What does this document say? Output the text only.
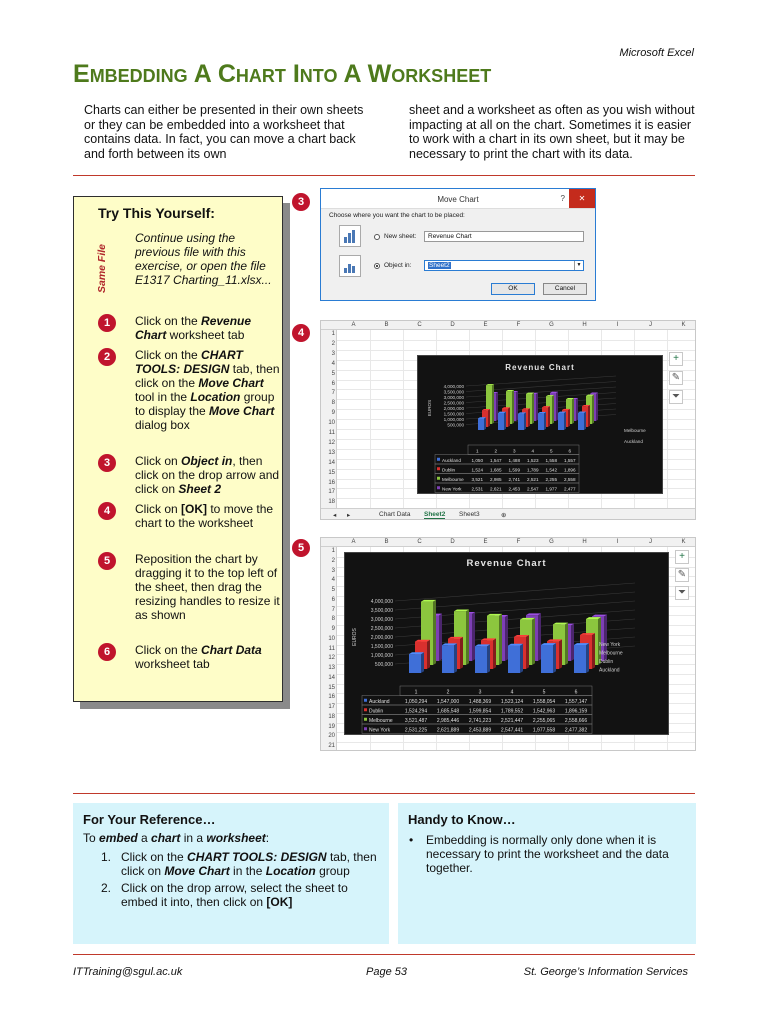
Microsoft Excel
EMBEDDING A CHART INTO A WORKSHEET
Charts can either be presented in their own sheets or they can be embedded into a worksheet that contains data. In fact, you can move a chart back and forth between its own
sheet and a worksheet as often as you wish without impacting at all on the chart. Sometimes it is easier to work with a chart in its own sheet, but it may be necessary to print the chart with its data.
Try This Yourself:
Same File
Continue using the previous file with this exercise, or open the file E1317 Charting_11.xlsx...
1	Click on the Revenue Chart worksheet tab
2	Click on the CHART TOOLS: DESIGN tab, then click on the Move Chart tool in the Location group to display the Move Chart dialog box
3	Click on Object in, then click on the drop arrow and click on Sheet 2
4	Click on [OK] to move the chart to the worksheet
5	Reposition the chart by dragging it to the top left of the sheet, then drag the resizing handles to resize it as shown
6	Click on the Chart Data worksheet tab
3	Move Chart	?	✕
Choose where you want the chart to be placed:
New sheet:	Revenue Chart
Object in:	Sheet2	▼
OK	Cancel
4
A	B	C	D	E	F	G	H	I	J	K
1
2
3
4
5
6
7
8
9
10
11
12
13
14
15
16
17
18
Revenue Chart
4,000,000
3,500,000
3,000,000
2,500,000
2,000,000
1,500,000
1,000,000
500,000
EUROS
Melbourne
Auckland
1	2	3	4	5	6
Auckland 1,050 1,547 1,488 1,523 1,558 1,557
Dublin	1,524 1,685 1,599 1,789 1,542 1,896
Melbourne 3,521 2,985 2,741 2,521 2,255 2,558
New York 2,531 2,621 2,453 2,547 1,977 2,477
◂ ▸	Chart Data Sheet2 Sheet3	⊕
+
✎
⏷
5	A	B	C	D	E	F	G	H	I	J	K
1
2
3
4
5
6
7
8
9
10
11
12
13
14
15
16
17
18
19
20
21
Revenue Chart
4,000,000
3,500,000
3,000,000
2,500,000
2,000,000
1,500,000
1,000,000
500,000
EUROS	New York
Melbourne
Dublin
Auckland
1	2	3	4	5	6
Auckland	1,050,294 1,547,000 1,488,369 1,523,124 1,558,054 1,557,147
Dublin	1,524,294 1,685,548 1,599,854 1,789,552 1,542,963 1,896,159
Melbourne 3,521,487 2,985,446 2,741,223 2,521,447 2,255,065 2,558,666
New York	2,531,225 2,621,889 2,453,889 2,547,441 1,977,558 2,477,382
+
✎
⏷
For Your Reference…

To embed a chart in a worksheet:

1. Click on the CHART TOOLS: DESIGN tab, then click on Move Chart in the Location group
2. Click on the drop arrow, select the sheet to embed it into, then click on [OK]
Handy to Know…
• Embedding is normally only done when it is necessary to print the worksheet and the data together.
ITTraining@sgul.ac.uk	Page 53	St. George’s Information Services
